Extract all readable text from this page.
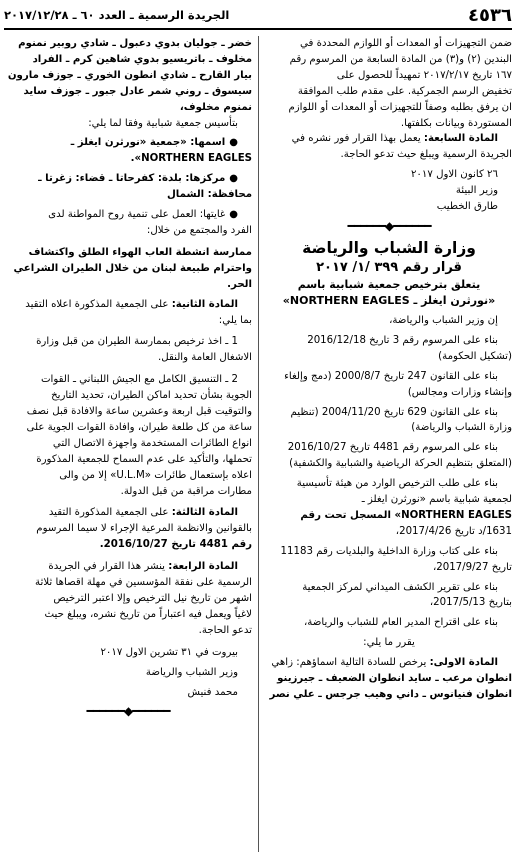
٤٥٣٦
الجريدة الرسمية ـ العدد ٦٠ ـ ٢٠١٧/١٢/٢٨

ضمن التجهيزات أو المعدات أو اللوازم المحددة في

البندين (٢) و(٣) من المادة السابعة من المرسوم رقم

١٦٧ تاريخ ٢٠١٧/٢/١٧ تمهيداً للحصول على

تخفيض الرسم الجمركية. على مقدم طلب الموافقة

ان يرفق بطلبه وصفاً للتجهيزات أو المعدات أو اللوازم

المستوردة وبيانات بكلفتها.

المادة السابعة: يعمل بهذا القرار فور نشره في

الجريدة الرسمية ويبلغ حيث تدعو الحاجة.

٢٦ كانون الاول ٢٠١٧

وزير البيئة

طارق الخطيب

━━━━━━◆━━━━━━
وزارة الشباب والرياضة
قرار رقم ٣٩٩ /١/ ٢٠١٧
يتعلق بترخيص جمعية شبابية باسم
«نورثرن ايغلز ـ NORTHERN EAGLES»

إن وزير الشباب والرياضة،

بناء على المرسوم رقم 3 تاريخ 2016/12/18

(تشكيل الحكومة)

بناء على القانون 247 تاريخ 2000/8/7 (دمج وإلغاء

وإنشاء وزارات ومجالس)

بناء على القانون 629 تاريخ 2004/11/20 (تنظيم

وزارة الشباب والرياضة)

بناء على المرسوم رقم 4481 تاريخ 2016/10/27

(المتعلق بتنظيم الحركة الرياضية والشبابية والكشفية)

بناء على طلب الترخيص الوارد من هيئة تأسيسية

لجمعية شبابية باسم «نورثرن ايغلز ـ

NORTHERN EAGLES» المسجل تحت رقم

1631/د تاريخ 2017/4/26،

بناء على كتاب وزارة الداخلية والبلديات رقم 11183

تاريخ 2017/9/27،

بناء على تقرير الكشف الميداني لمركز الجمعية

بتاريخ 2017/5/13،

بناء على اقتراح المدير العام للشباب والرياضة،

يقرر ما يلي:

المادة الاولى: يرخص للسادة التالية اسماؤهم: زاهي

انطوان مرعب ـ سايد انطوان الضعيف ـ جيرزينو

انطوان فنيانوس ـ داني وهيب جرجس ـ علي نصر

خضر ـ جوليان بدوي دعبول ـ شادي روبير نمنوم

مخلوف ـ باتريسيو بدوي شاهين كرم ـ الفراد

بيار القارح ـ شادي انطون الخوري ـ جوزف مارون

سيسوق ـ روني شمر عادل جبور ـ جوزف سايد

نمنوم مخلوف،

بتأسيس جمعية شبابية وفقا لما يلي:

●

اسمها: «جمعية «نورثرن ايغلز ـ

NORTHERN EAGLES».

●

مركزها: بلدة: كفرحاتا ـ قضاء: زغرتا ـ

محافظة: الشمال

●

غايتها: العمل على تنمية روح المواطنة لدى

الفرد والمجتمع من خلال:

ممارسة انشطة العاب الهواء الطلق واكتشاف

واحترام طبيعة لبنان من خلال الطيران الشراعي

الحر.

المادة الثانية: على الجمعية المذكورة اعلاه التقيد

بما يلي:

1 ـ اخذ ترخيص بممارسة الطيران من قبل وزارة

الاشغال العامة والنقل.

2 ـ التنسيق الكامل مع الجيش اللبناني ـ القوات

الجوية بشأن تحديد اماكن الطيران، تحديد التاريخ

والتوقيت قبل اربعة وعشرين ساعة والافادة قبل نصف

ساعة من كل طلعة طيران، وافادة القوات الجوية على

انواع الطائرات المستخدمة واجهزة الاتصال التي

تحملها، والتأكيد على عدم السماح للجمعية المذكورة

اعلاه بإستعمال طائرات «U.L.M» إلا من والى

مطارات مراقبة من قبل الدولة.

المادة الثالثة: على الجمعية المذكورة التقيد

بالقوانين والانظمة المرعية الإجراء لا سيما المرسوم

رقم 4481 تاريخ 2016/10/27.

المادة الرابعة: ينشر هذا القرار في الجريدة

الرسمية على نفقة المؤسسين في مهلة اقصاها ثلاثة

اشهر من تاريخ نيل الترخيص وإلا اعتبر الترخيص

لاغياً ويعمل فيه اعتباراً من تاريخ نشره، ويبلغ حيث

تدعو الحاجة.

بيروت في ٣١ تشرين الاول ٢٠١٧

وزير الشباب والرياضة

محمد فنيش

━━━━━━◆━━━━━━
